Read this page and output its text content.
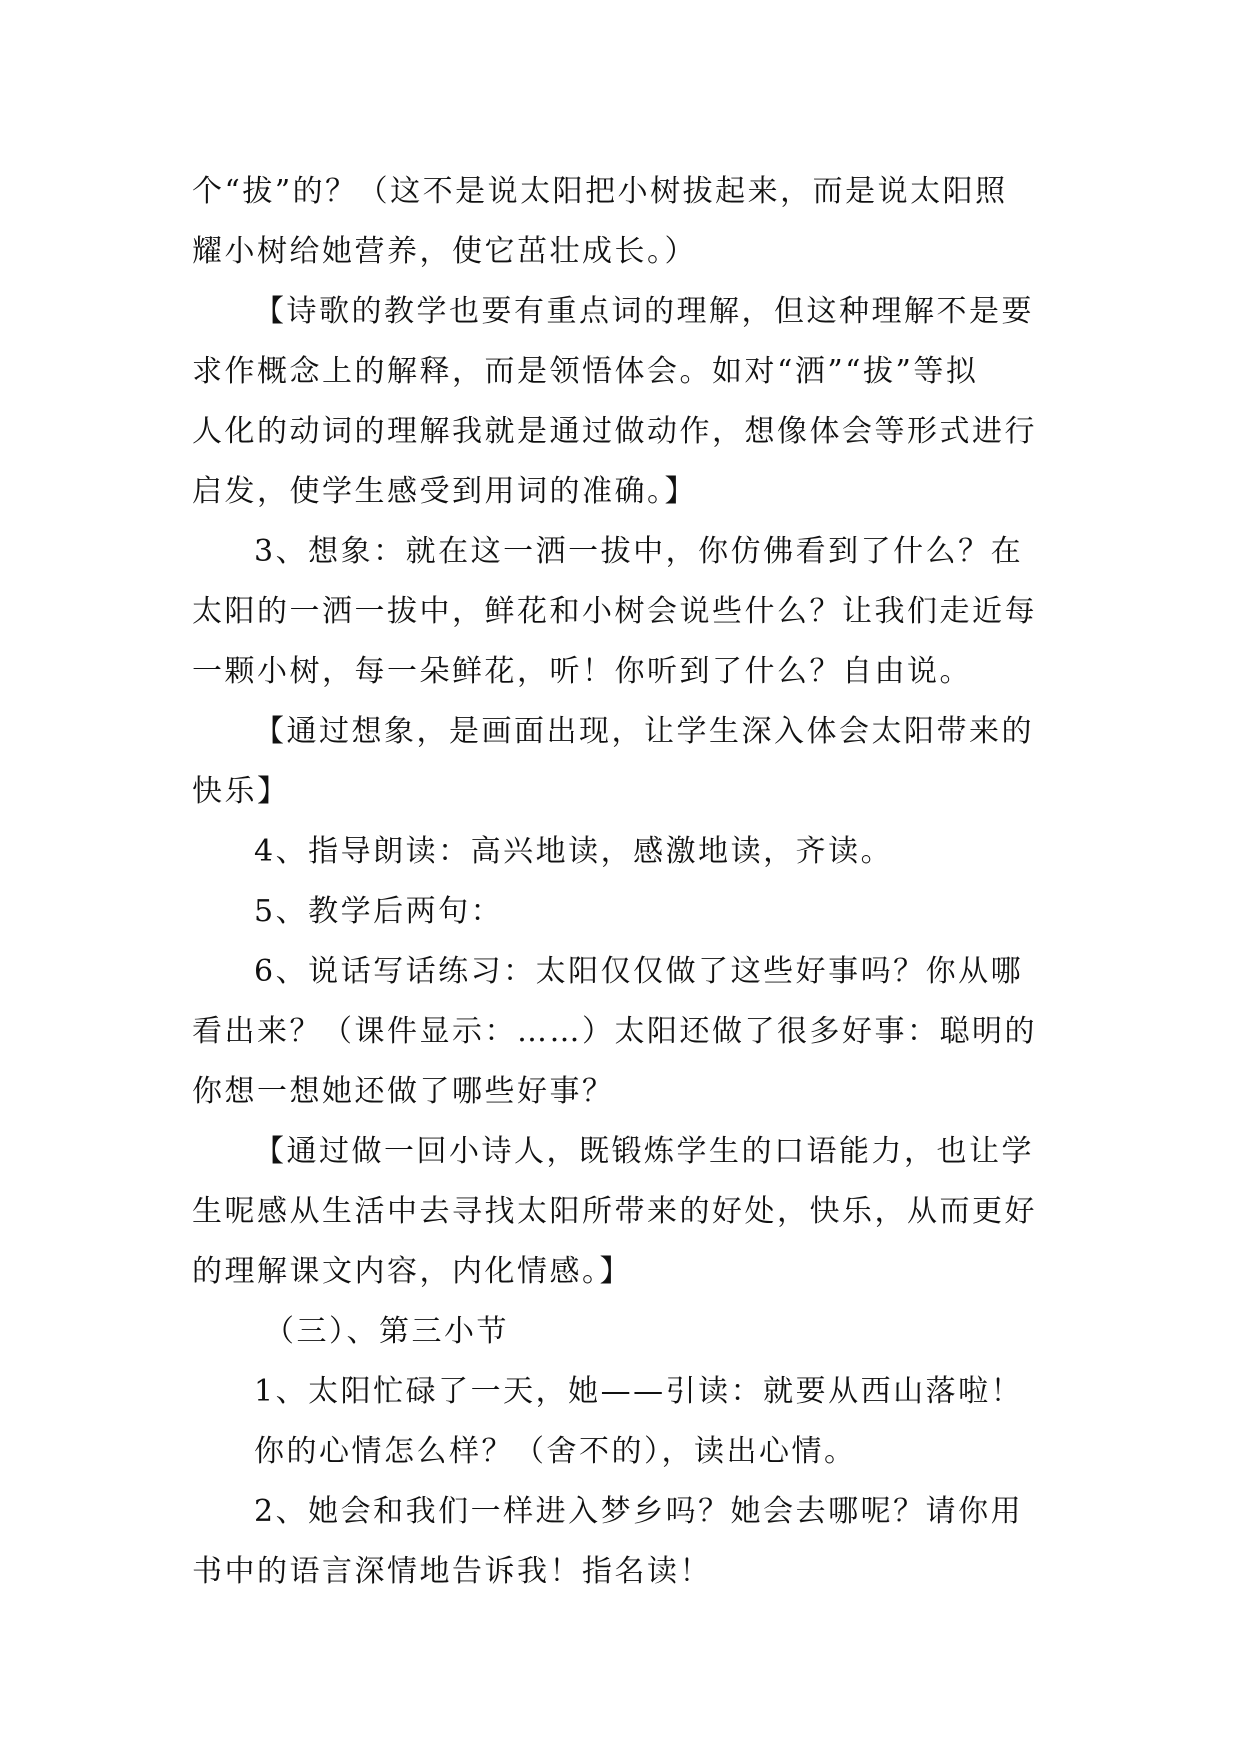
个“拔”的？（这不是说太阳把小树拔起来，而是说太阳照
耀小树给她营养，使它茁壮成长。）
【诗歌的教学也要有重点词的理解，但这种理解不是要
求作概念上的解释，而是领悟体会。如对“洒”“拔”等拟
人化的动词的理解我就是通过做动作，想像体会等形式进行
启发，使学生感受到用词的准确。】
3、想象：就在这一洒一拔中，你仿佛看到了什么？在
太阳的一洒一拔中，鲜花和小树会说些什么？让我们走近每
一颗小树，每一朵鲜花，听！你听到了什么？自由说。
【通过想象，是画面出现，让学生深入体会太阳带来的
快乐】
4、指导朗读：高兴地读，感激地读，齐读。
5、教学后两句：
6、说话写话练习：太阳仅仅做了这些好事吗？你从哪
看出来？（课件显示：……）太阳还做了很多好事：聪明的
你想一想她还做了哪些好事？
【通过做一回小诗人，既锻炼学生的口语能力，也让学
生呢感从生活中去寻找太阳所带来的好处，快乐，从而更好
的理解课文内容，内化情感。】
（三）、第三小节
1、太阳忙碌了一天，她——引读：就要从西山落啦！
你的心情怎么样？（舍不的），读出心情。
2、她会和我们一样进入梦乡吗？她会去哪呢？请你用
书中的语言深情地告诉我！指名读！
